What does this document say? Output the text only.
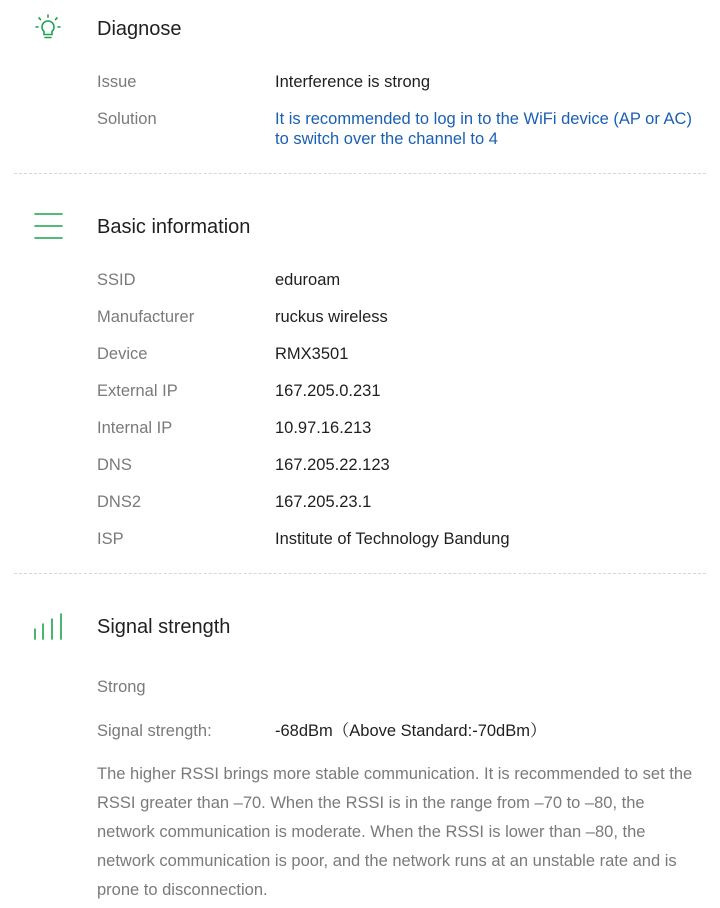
Diagnose
Issue	Interference is strong
Solution	It is recommended to log in to the WiFi device (AP or AC) to switch over the channel to 4
Basic information
SSID	eduroam
Manufacturer	ruckus wireless
Device	RMX3501
External IP	167.205.0.231
Internal IP	10.97.16.213
DNS	167.205.22.123
DNS2	167.205.23.1
ISP	Institute of Technology Bandung
Signal strength
Strong
Signal strength:	-68dBm（Above Standard:-70dBm）
The higher RSSI brings more stable communication. It is recommended to set the RSSI greater than –70. When the RSSI is in the range from –70 to –80, the network communication is moderate. When the RSSI is lower than –80, the network communication is poor, and the network runs at an unstable rate and is prone to disconnection.
